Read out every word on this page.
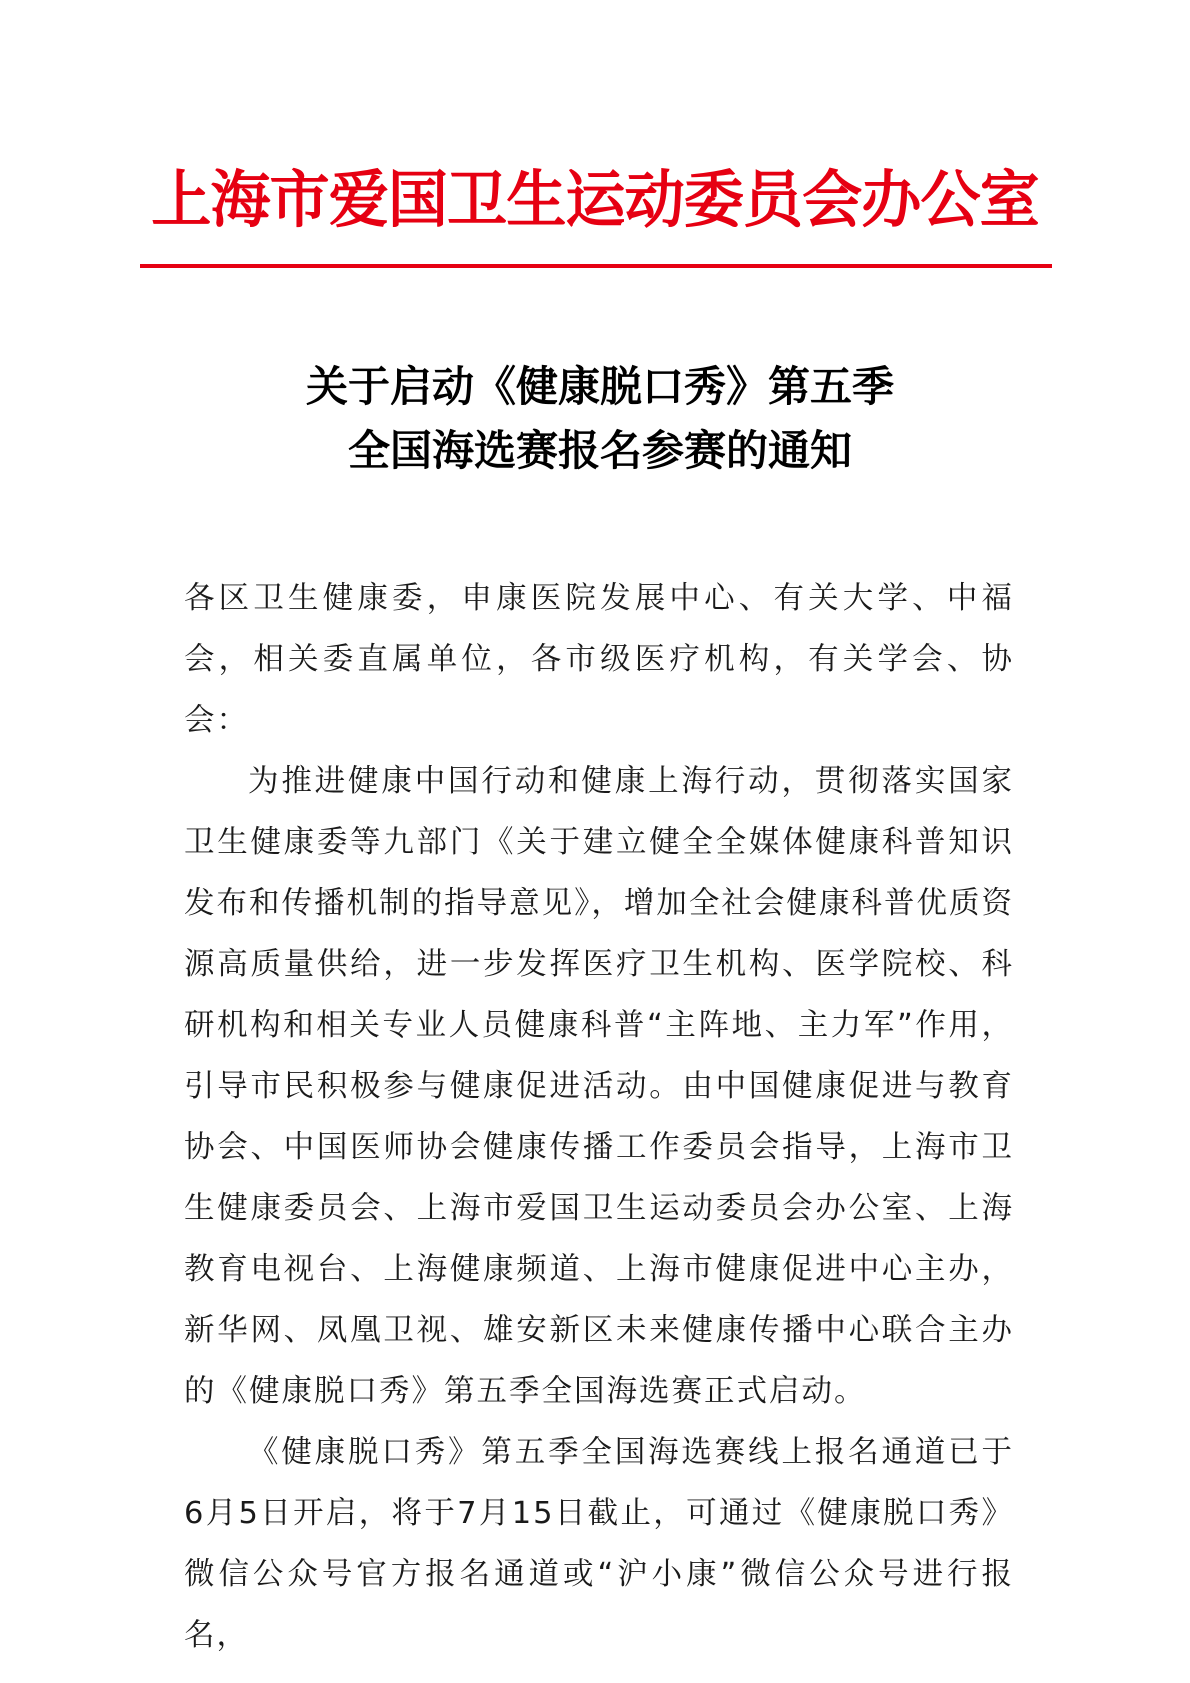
上海市爱国卫生运动委员会办公室
关于启动《健康脱口秀》第五季
全国海选赛报名参赛的通知

各区卫生健康委，申康医院发展中心、有关大学、中福会，相关委直属单位，各市级医疗机构，有关学会、协会：

为推进健康中国行动和健康上海行动，贯彻落实国家卫生健康委等九部门《关于建立健全全媒体健康科普知识发布和传播机制的指导意见》，增加全社会健康科普优质资源高质量供给，进一步发挥医疗卫生机构、医学院校、科研机构和相关专业人员健康科普“主阵地、主力军”作用，引导市民积极参与健康促进活动。由中国健康促进与教育协会、中国医师协会健康传播工作委员会指导，上海市卫生健康委员会、上海市爱国卫生运动委员会办公室、上海教育电视台、上海健康频道、上海市健康促进中心主办，新华网、凤凰卫视、雄安新区未来健康传播中心联合主办的《健康脱口秀》第五季全国海选赛正式启动。

《健康脱口秀》第五季全国海选赛线上报名通道已于6月5日开启，将于7月15日截止，可通过《健康脱口秀》微信公众号官方报名通道或“沪小康”微信公众号进行报名，
